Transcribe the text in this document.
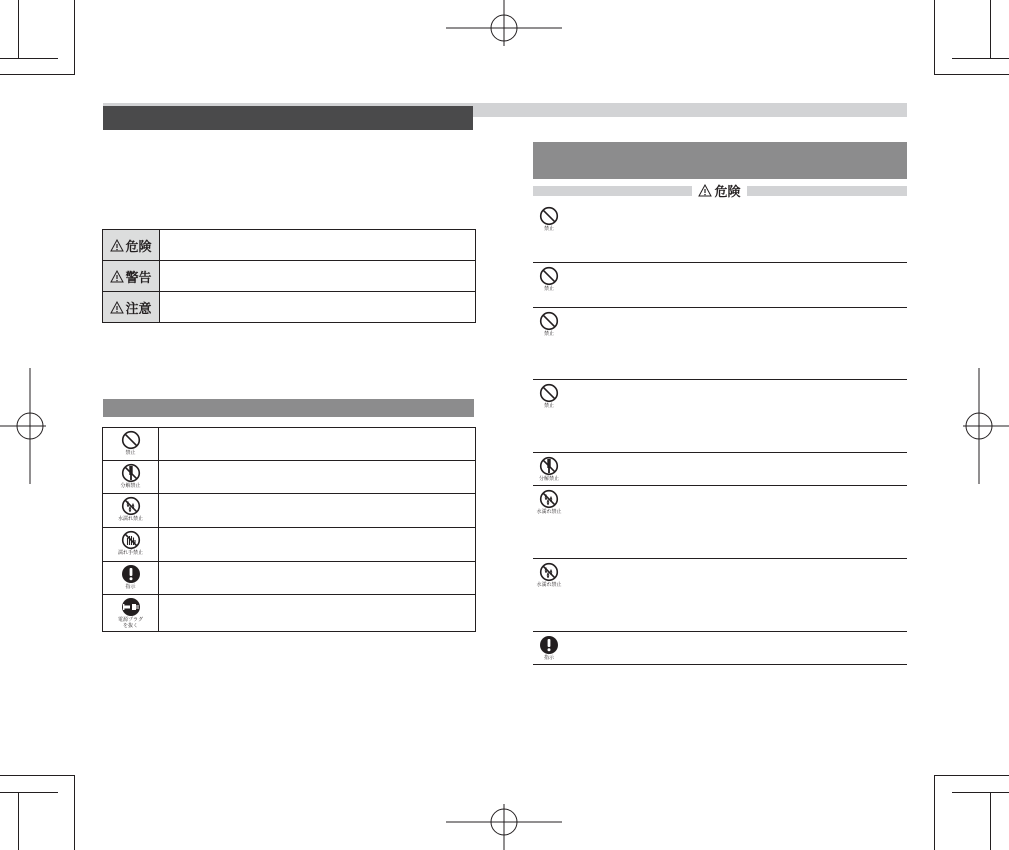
危険
警告
注意
禁止
分解禁止
水濡れ禁止
濡れ手禁止
指示
電源プラグ
を抜く
危険
禁止
禁止
禁止
禁止
分解禁止
水濡れ禁止
水濡れ禁止
指示
